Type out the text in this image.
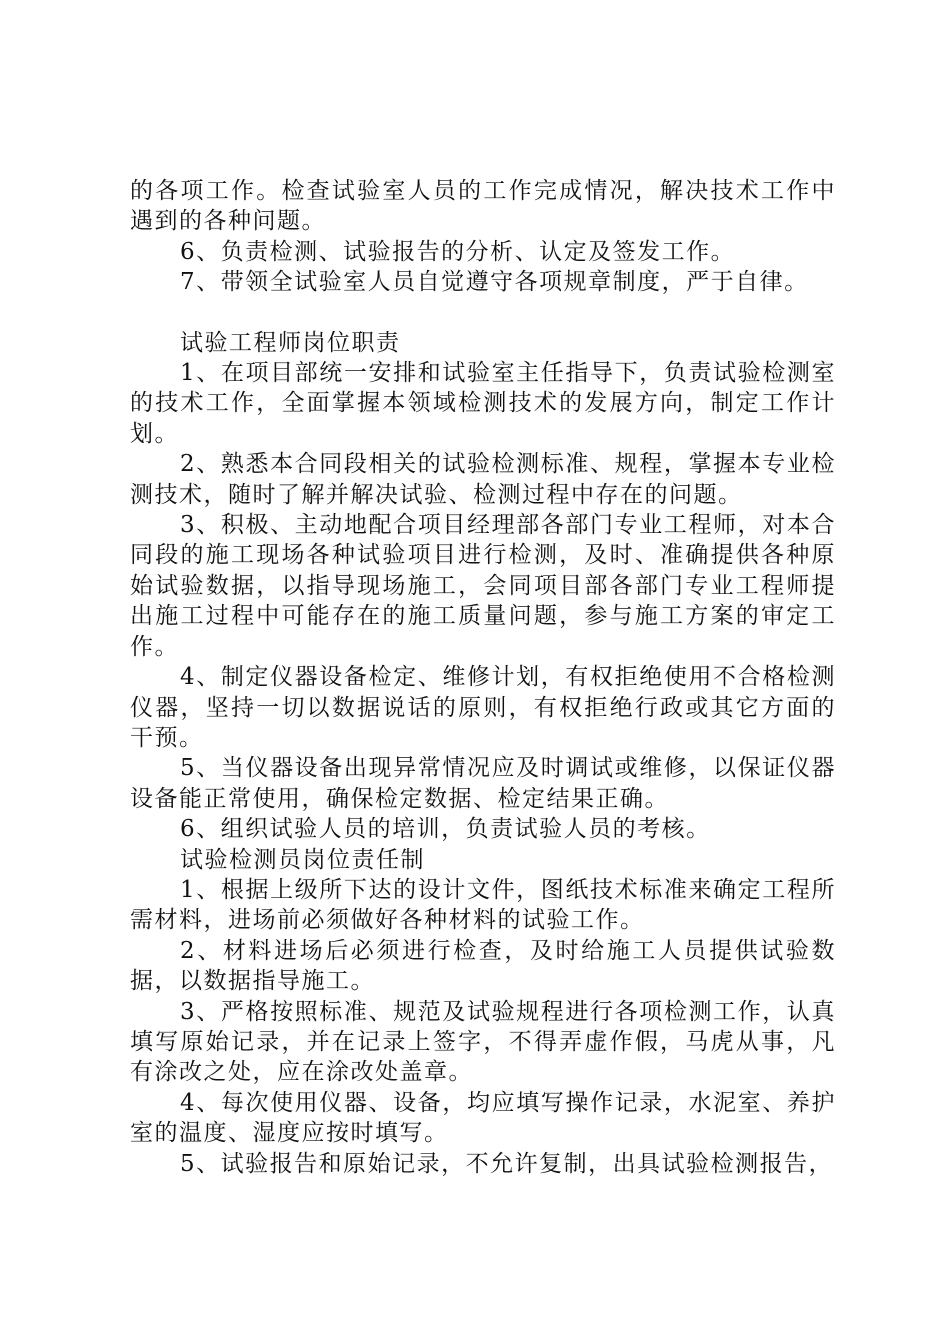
的各项工作。检查试验室人员的工作完成情况，解决技术工作中遇到的各种问题。

6、负责检测、试验报告的分析、认定及签发工作。

7、带领全试验室人员自觉遵守各项规章制度，严于自律。

试验工程师岗位职责

1、在项目部统一安排和试验室主任指导下，负责试验检测室的技术工作，全面掌握本领域检测技术的发展方向，制定工作计划。

2、熟悉本合同段相关的试验检测标准、规程，掌握本专业检测技术，随时了解并解决试验、检测过程中存在的问题。

3、积极、主动地配合项目经理部各部门专业工程师，对本合同段的施工现场各种试验项目进行检测，及时、准确提供各种原始试验数据，以指导现场施工，会同项目部各部门专业工程师提出施工过程中可能存在的施工质量问题，参与施工方案的审定工作。

4、制定仪器设备检定、维修计划，有权拒绝使用不合格检测仪器，坚持一切以数据说话的原则，有权拒绝行政或其它方面的干预。

5、当仪器设备出现异常情况应及时调试或维修，以保证仪器设备能正常使用，确保检定数据、检定结果正确。

6、组织试验人员的培训，负责试验人员的考核。

试验检测员岗位责任制

1、根据上级所下达的设计文件，图纸技术标准来确定工程所需材料，进场前必须做好各种材料的试验工作。

2、材料进场后必须进行检查，及时给施工人员提供试验数据，以数据指导施工。

3、严格按照标准、规范及试验规程进行各项检测工作，认真填写原始记录，并在记录上签字，不得弄虚作假，马虎从事，凡有涂改之处，应在涂改处盖章。

4、每次使用仪器、设备，均应填写操作记录，水泥室、养护室的温度、湿度应按时填写。

5、试验报告和原始记录，不允许复制，出具试验检测报告，
